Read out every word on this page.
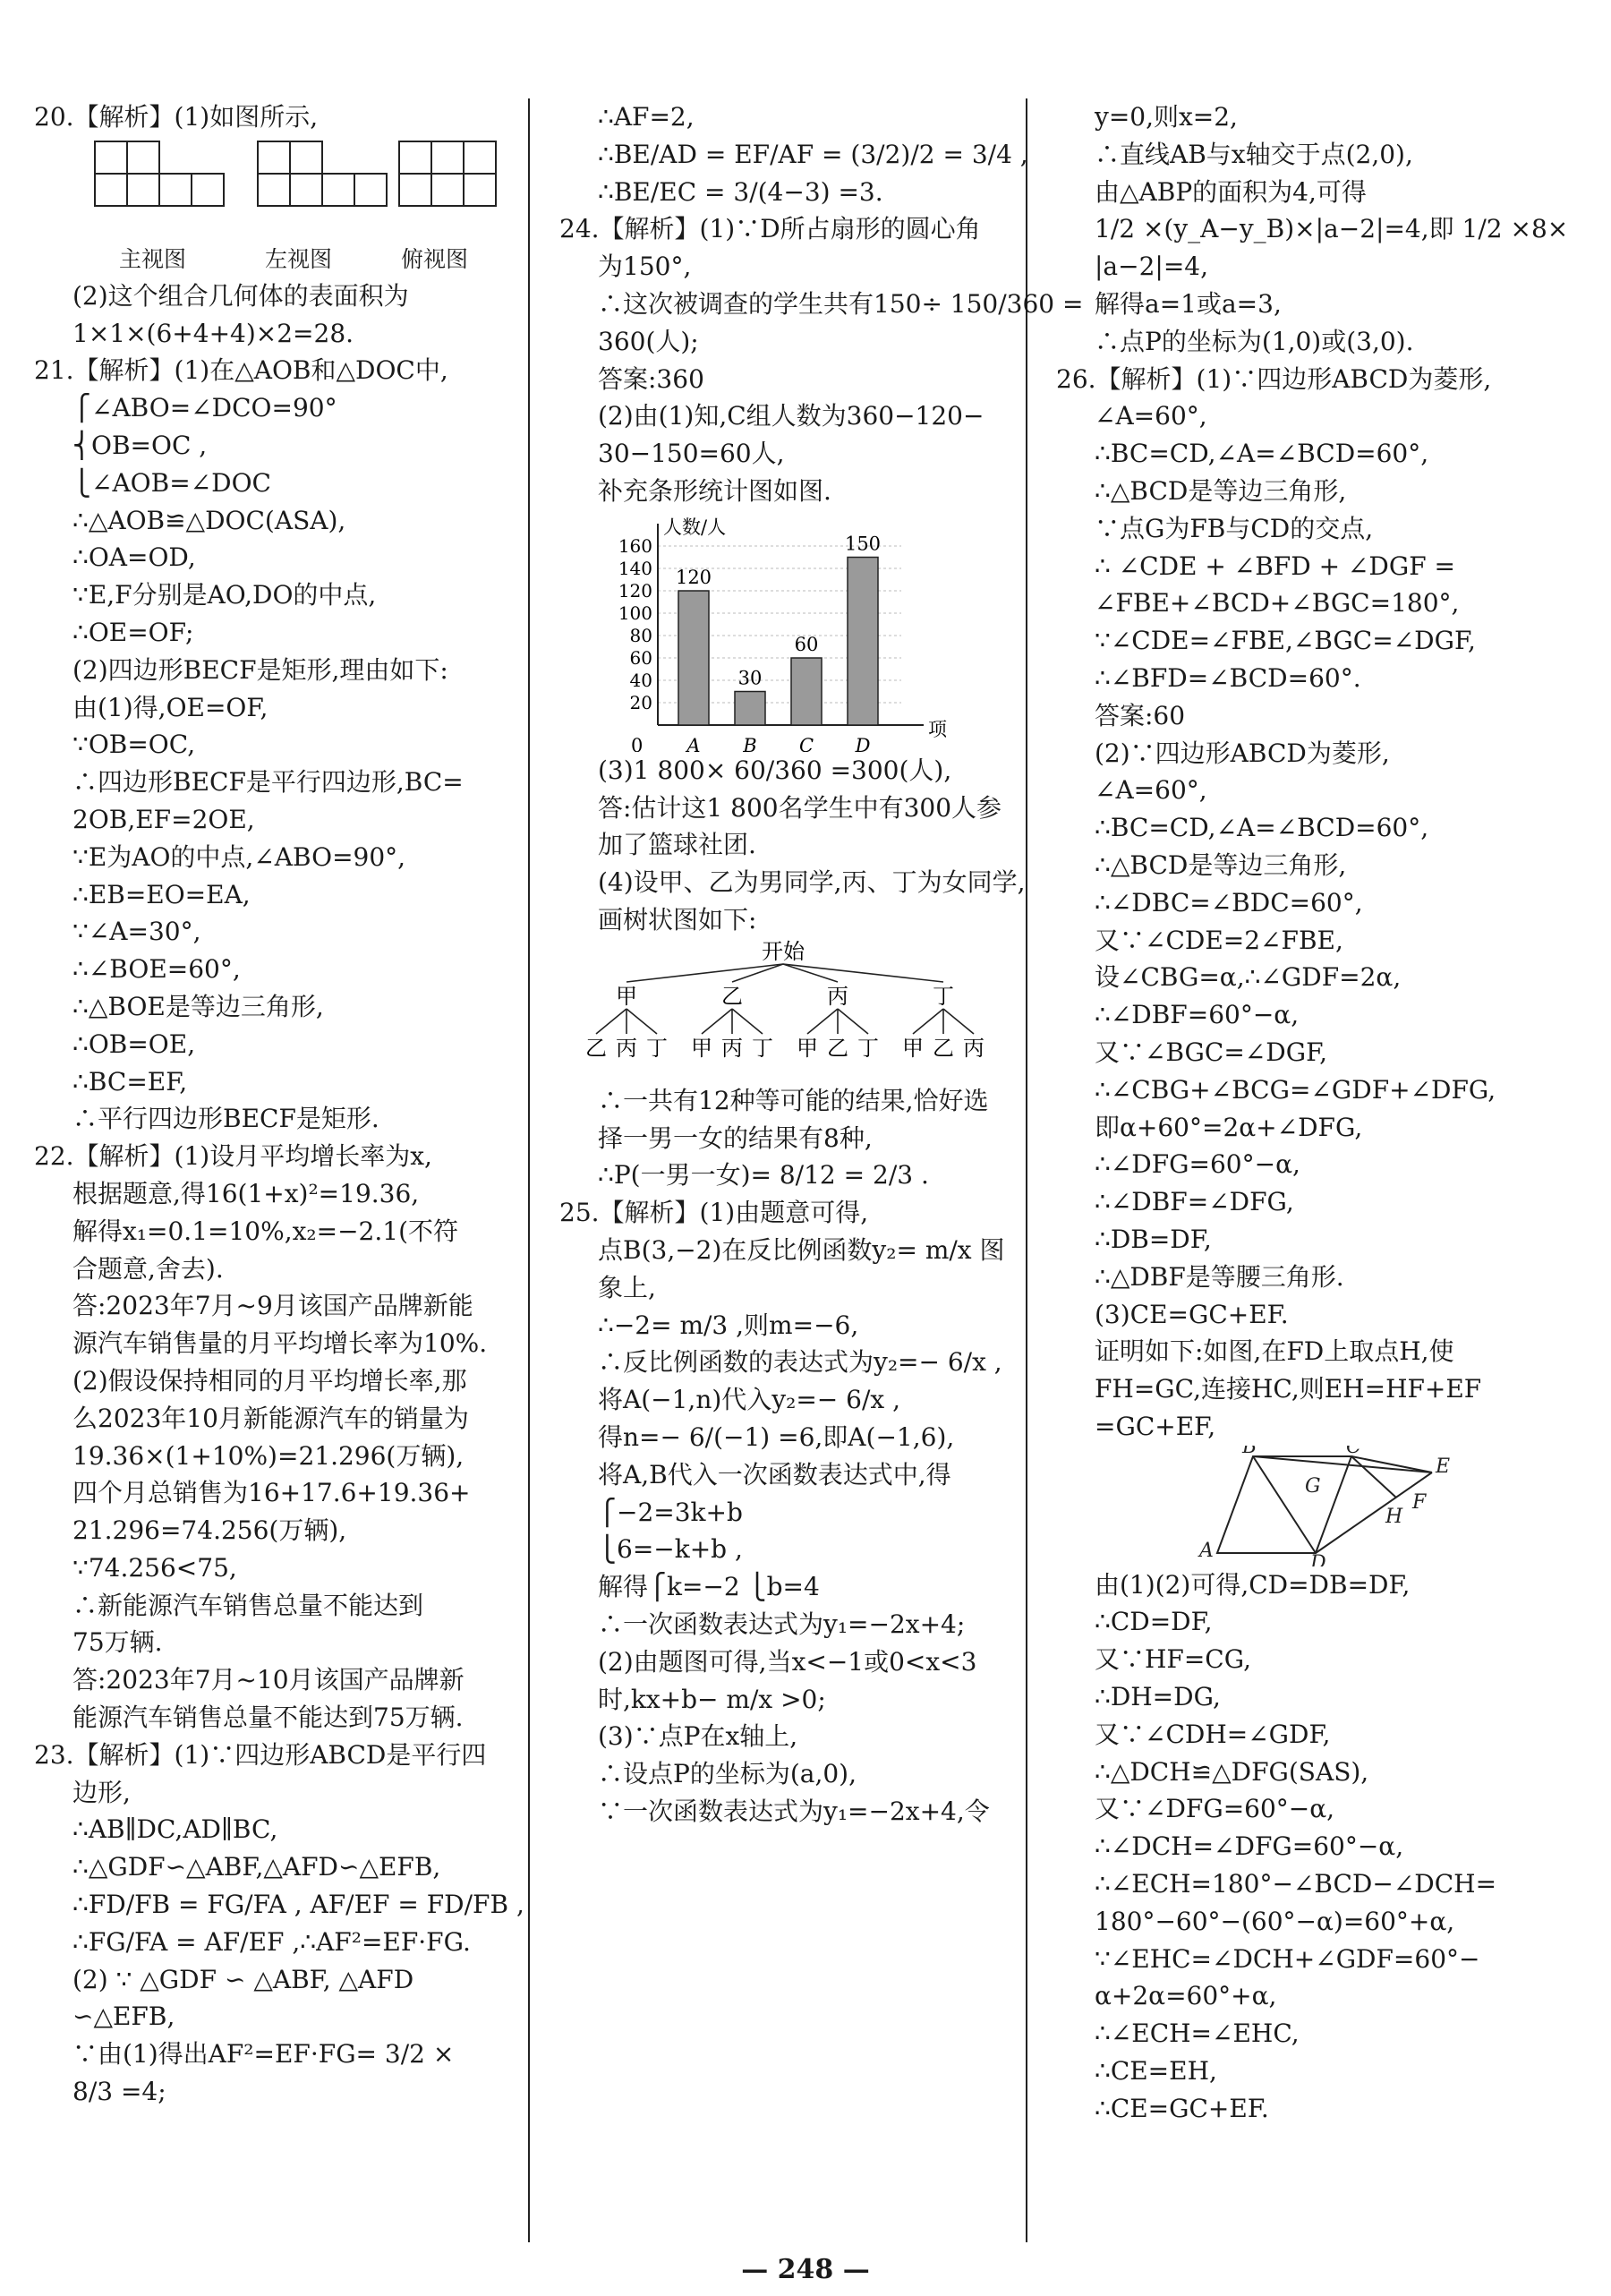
20.【解析】(1)如图所示,
主视图	左视图	俯视图
(2)这个组合几何体的表面积为
1×1×(6+4+4)×2=28.
21.【解析】(1)在△AOB和△DOC中,
⎧∠ABO=∠DCO=90°
⎨OB=OC ,
⎩∠AOB=∠DOC
∴△AOB≌△DOC(ASA),
∴OA=OD,
∵E,F分别是AO,DO的中点,
∴OE=OF;
(2)四边形BECF是矩形,理由如下:
由(1)得,OE=OF,
∵OB=OC,
∴四边形BECF是平行四边形,BC=
2OB,EF=2OE,
∵E为AO的中点,∠ABO=90°,
∴EB=EO=EA,
∵∠A=30°,
∴∠BOE=60°,
∴△BOE是等边三角形,
∴OB=OE,
∴BC=EF,
∴平行四边形BECF是矩形.
22.【解析】(1)设月平均增长率为x,
根据题意,得16(1+x)²=19.36,
解得x₁=0.1=10%,x₂=−2.1(不符
合题意,舍去).
答:2023年7月~9月该国产品牌新能
源汽车销售量的月平均增长率为10%.
(2)假设保持相同的月平均增长率,那
么2023年10月新能源汽车的销量为
19.36×(1+10%)=21.296(万辆),
四个月总销售为16+17.6+19.36+
21.296=74.256(万辆),
∵74.256<75,
∴新能源汽车销售总量不能达到
75万辆.
答:2023年7月~10月该国产品牌新
能源汽车销售总量不能达到75万辆.
23.【解析】(1)∵四边形ABCD是平行四
边形,
∴AB∥DC,AD∥BC,
∴△GDF∽△ABF,△AFD∽△EFB,
∴FD/FB = FG/FA , AF/EF = FD/FB ,
∴FG/FA = AF/EF ,∴AF²=EF·FG.
(2) ∵ △GDF ∽ △ABF, △AFD
∽△EFB,
∵由(1)得出AF²=EF·FG= 3/2 ×
8/3 =4;
∴AF=2,
∴BE/AD = EF/AF = (3/2)/2 = 3/4 ,
∴BE/EC = 3/(4−3) =3.
24.【解析】(1)∵D所占扇形的圆心角
为150°,
∴这次被调查的学生共有150÷ 150/360 =
360(人);
答案:360
(2)由(1)知,C组人数为360−120−
30−150=60人,
补充条形统计图如图.
20
40
60
80
100
120
140
160
人数/人
项
0
120
A
30
B
60
C
150
D
(3)1 800× 60/360 =300(人),
答:估计这1 800名学生中有300人参
加了篮球社团.
(4)设甲、乙为男同学,丙、丁为女同学,
画树状图如下:
开始
甲
乙 丙 丁
乙
甲 丙 丁
丙
甲 乙 丁
丁
甲 乙 丙
∴一共有12种等可能的结果,恰好选
择一男一女的结果有8种,
∴P(一男一女)= 8/12 = 2/3 .
25.【解析】(1)由题意可得,
点B(3,−2)在反比例函数y₂= m/x 图
象上,
∴−2= m/3 ,则m=−6,
∴反比例函数的表达式为y₂=− 6/x ,
将A(−1,n)代入y₂=− 6/x ,
得n=− 6/(−1) =6,即A(−1,6),
将A,B代入一次函数表达式中,得
⎧−2=3k+b
⎩6=−k+b ,
解得⎧k=−2 ⎩b=4
∴一次函数表达式为y₁=−2x+4;
(2)由题图可得,当x<−1或0<x<3
时,kx+b− m/x >0;
(3)∵点P在x轴上,
∴设点P的坐标为(a,0),
∵一次函数表达式为y₁=−2x+4,令
y=0,则x=2,
∴直线AB与x轴交于点(2,0),
由△ABP的面积为4,可得
1/2 ×(y_A−y_B)×|a−2|=4,即 1/2 ×8×
|a−2|=4,
解得a=1或a=3,
∴点P的坐标为(1,0)或(3,0).
26.【解析】(1)∵四边形ABCD为菱形,
∠A=60°,
∴BC=CD,∠A=∠BCD=60°,
∴△BCD是等边三角形,
∵点G为FB与CD的交点,
∴ ∠CDE + ∠BFD + ∠DGF =
∠FBE+∠BCD+∠BGC=180°,
∵∠CDE=∠FBE,∠BGC=∠DGF,
∴∠BFD=∠BCD=60°.
答案:60
(2)∵四边形ABCD为菱形,
∠A=60°,
∴BC=CD,∠A=∠BCD=60°,
∴△BCD是等边三角形,
∴∠DBC=∠BDC=60°,
又∵∠CDE=2∠FBE,
设∠CBG=α,∴∠GDF=2α,
∴∠DBF=60°−α,
又∵∠BGC=∠DGF,
∴∠CBG+∠BCG=∠GDF+∠DFG,
即α+60°=2α+∠DFG,
∴∠DFG=60°−α,
∴∠DBF=∠DFG,
∴DB=DF,
∴△DBF是等腰三角形.
(3)CE=GC+EF.
证明如下:如图,在FD上取点H,使
FH=GC,连接HC,则EH=HF+EF
=GC+EF,
B	C
E
G
F
H
A
D
由(1)(2)可得,CD=DB=DF,
∴CD=DF,
又∵HF=CG,
∴DH=DG,
又∵∠CDH=∠GDF,
∴△DCH≌△DFG(SAS),
又∵∠DFG=60°−α,
∴∠DCH=∠DFG=60°−α,
∴∠ECH=180°−∠BCD−∠DCH=
180°−60°−(60°−α)=60°+α,
∵∠EHC=∠DCH+∠GDF=60°−
α+2α=60°+α,
∴∠ECH=∠EHC,
∴CE=EH,
∴CE=GC+EF.
— 248 —
